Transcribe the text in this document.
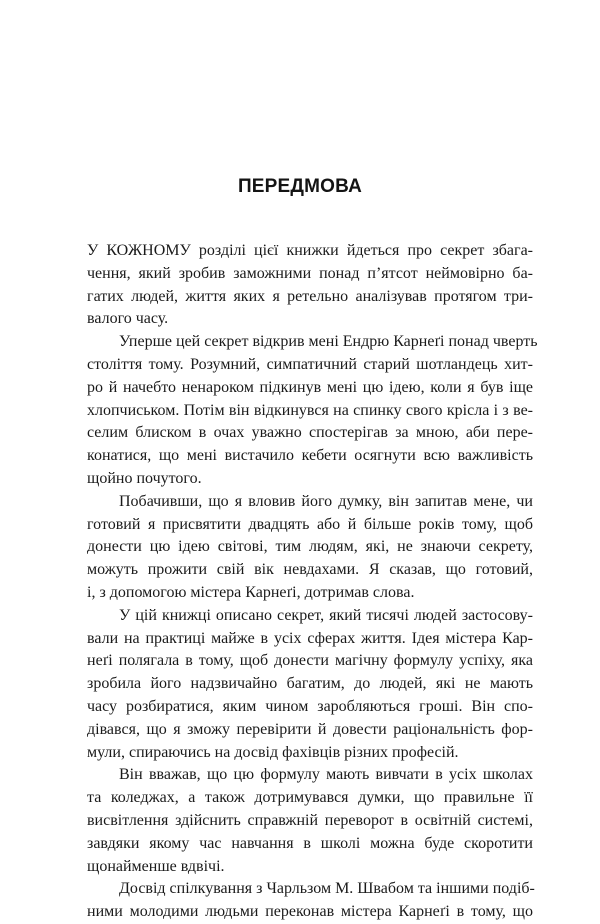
ПЕРЕДМОВА
У КОЖНОМУ розділі цієї книжки йдеться про секрет збага-
чення, який зробив заможними понад п’ятсот неймовірно ба-
гатих людей, життя яких я ретельно аналізував протягом три-
валого часу.
Уперше цей секрет відкрив мені Ендрю Карнеґі понад чверть
століття тому. Розумний, симпатичний старий шотландець хит-
ро й начебто ненароком підкинув мені цю ідею, коли я був іще
хлопчиськом. Потім він відкинувся на спинку свого крісла і з ве-
селим блиском в очах уважно спостерігав за мною, аби пере-
конатися, що мені вистачило кебети осягнути всю важливість
щойно почутого.
Побачивши, що я вловив його думку, він запитав мене, чи
готовий я присвятити двадцять або й більше років тому, щоб
донести цю ідею світові, тим людям, які, не знаючи секрету,
можуть прожити свій вік невдахами. Я сказав, що готовий,
і, з допомогою містера Карнеґі, дотримав слова.
У цій книжці описано секрет, який тисячі людей застосову-
вали на практиці майже в усіх сферах життя. Ідея містера Кар-
неґі полягала в тому, щоб донести магічну формулу успіху, яка
зробила його надзвичайно багатим, до людей, які не мають
часу розбиратися, яким чином заробляються гроші. Він спо-
дівався, що я зможу перевірити й довести раціональність фор-
мули, спираючись на досвід фахівців різних професій.
Він вважав, що цю формулу мають вивчати в усіх школах
та коледжах, а також дотримувався думки, що правильне її
висвітлення здійснить справжній переворот в освітній системі,
завдяки якому час навчання в школі можна буде скоротити
щонайменше вдвічі.
Досвід спілкування з Чарльзом М. Швабом та іншими подіб-
ними молодими людьми переконав містера Карнеґі в тому, що
